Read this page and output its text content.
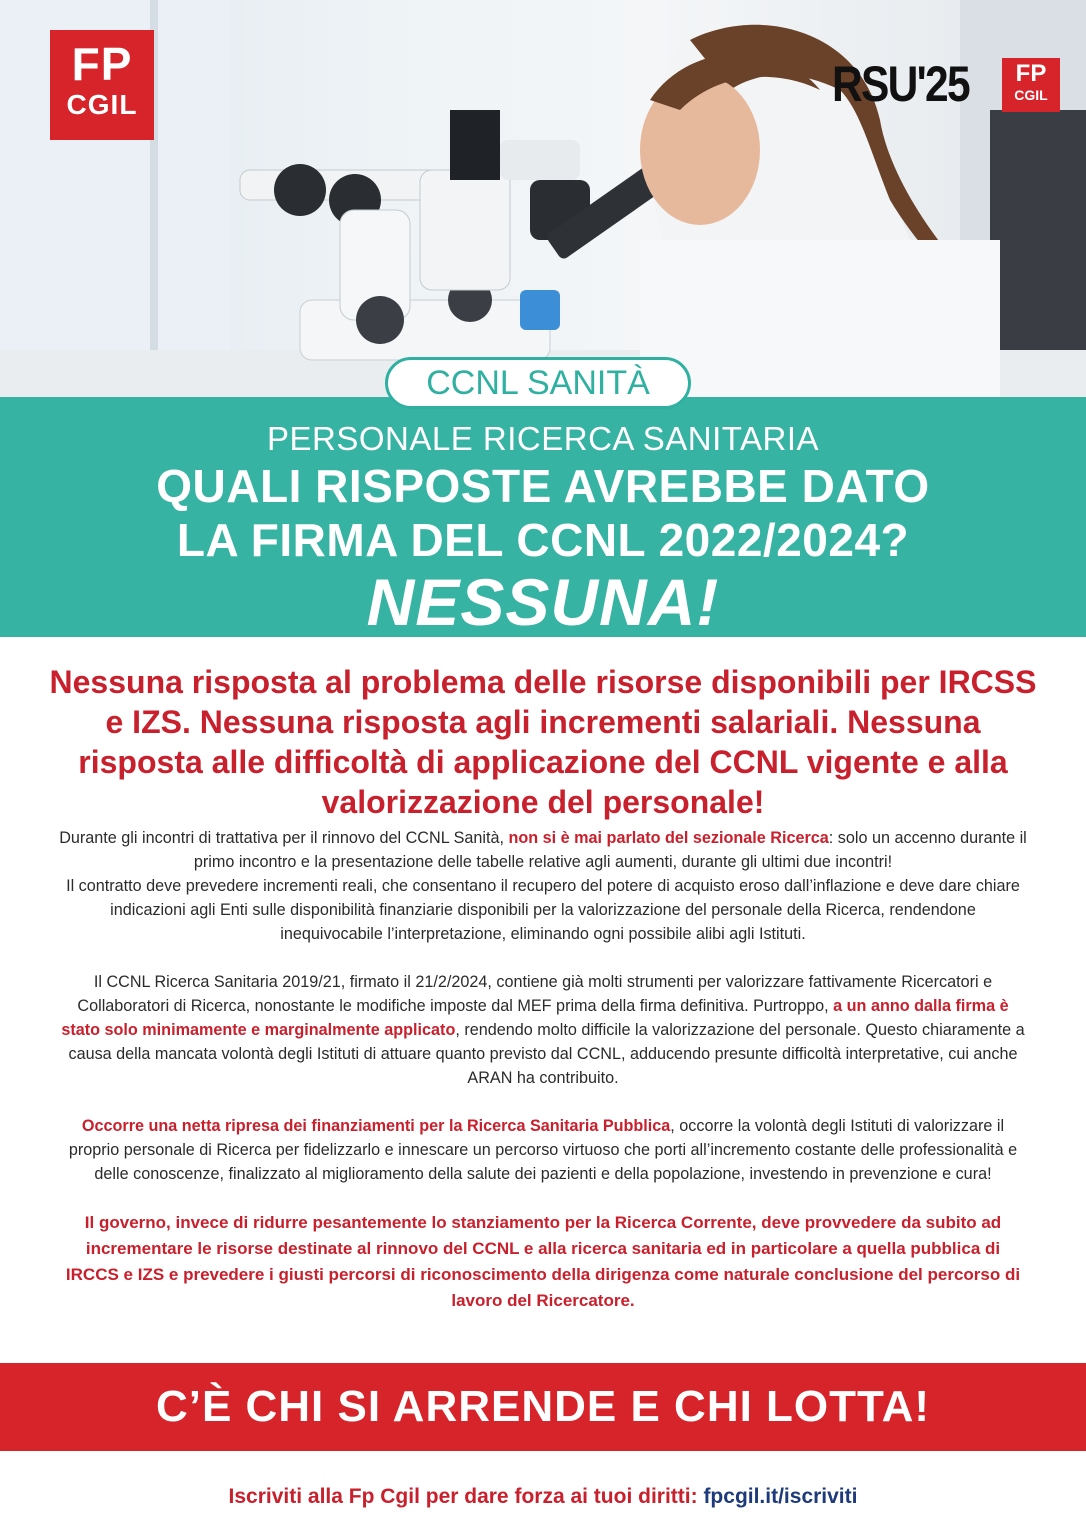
FP
CGIL	RSU'25	FP
CGIL
CCNL SANITÀ
PERSONALE RICERCA SANITARIA
QUALI RISPOSTE AVREBBE DATO
LA FIRMA DEL CCNL 2022/2024?
NESSUNA!
Nessuna risposta al problema delle risorse disponibili per IRCSS e IZS. Nessuna risposta agli incrementi salariali. Nessuna risposta alle difficoltà di applicazione del CCNL vigente e alla valorizzazione del personale!

Durante gli incontri di trattativa per il rinnovo del CCNL Sanità, non si è mai parlato del sezionale Ricerca: solo un accenno durante il primo incontro e la presentazione delle tabelle relative agli aumenti, durante gli ultimi due incontri!
Il contratto deve prevedere incrementi reali, che consentano il recupero del potere di acquisto eroso dall’inflazione e deve dare chiare indicazioni agli Enti sulle disponibilità finanziarie disponibili per la valorizzazione del personale della Ricerca, rendendone inequivocabile l’interpretazione, eliminando ogni possibile alibi agli Istituti.

Il CCNL Ricerca Sanitaria 2019/21, firmato il 21/2/2024, contiene già molti strumenti per valorizzare fattivamente Ricercatori e Collaboratori di Ricerca, nonostante le modifiche imposte dal MEF prima della firma definitiva. Purtroppo, a un anno dalla firma è stato solo minimamente e marginalmente applicato, rendendo molto difficile la valorizzazione del personale. Questo chiaramente a causa della mancata volontà degli Istituti di attuare quanto previsto dal CCNL, adducendo presunte difficoltà interpretative, cui anche ARAN ha contribuito.

Occorre una netta ripresa dei finanziamenti per la Ricerca Sanitaria Pubblica, occorre la volontà degli Istituti di valorizzare il proprio personale di Ricerca per fidelizzarlo e innescare un percorso virtuoso che porti all’incremento costante delle professionalità e delle conoscenze, finalizzato al miglioramento della salute dei pazienti e della popolazione, investendo in prevenzione e cura!

Il governo, invece di ridurre pesantemente lo stanziamento per la Ricerca Corrente, deve provvedere da subito ad incrementare le risorse destinate al rinnovo del CCNL e alla ricerca sanitaria ed in particolare a quella pubblica di IRCCS e IZS e prevedere i giusti percorsi di riconoscimento della dirigenza come naturale conclusione del percorso di lavoro del Ricercatore.

C’È CHI SI ARRENDE E CHI LOTTA!
Iscriviti alla Fp Cgil per dare forza ai tuoi diritti: fpcgil.it/iscriviti
